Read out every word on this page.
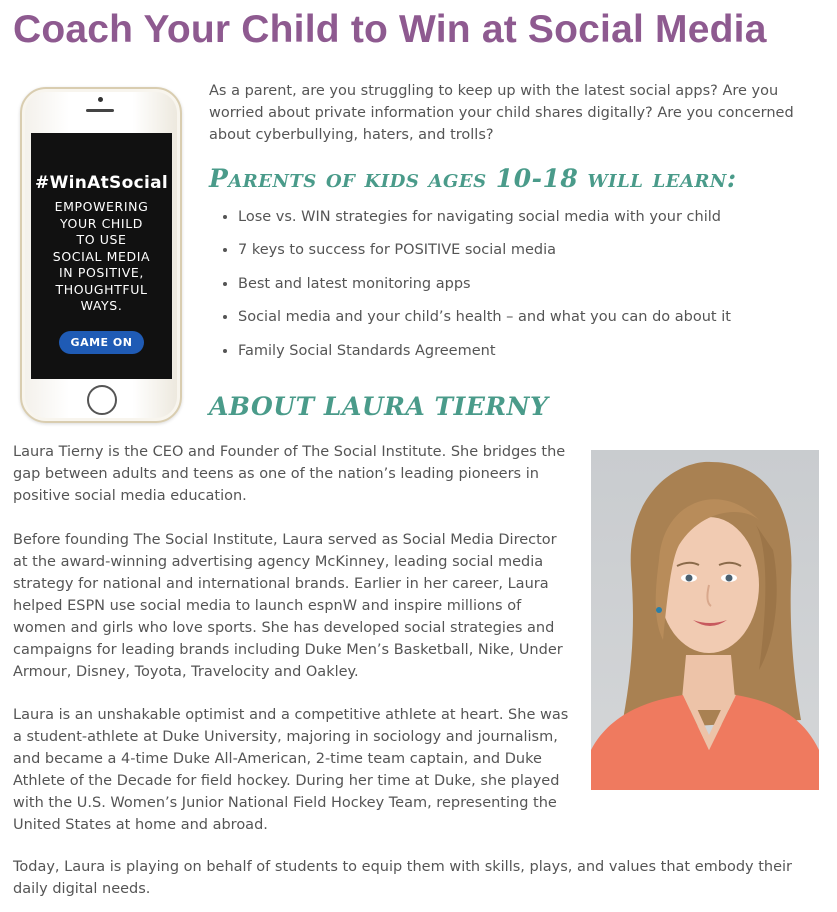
Coach Your Child to Win at Social Media
#WinAtSocial
EMPOWERING
YOUR CHILD
TO USE
SOCIAL MEDIA
IN POSITIVE,
THOUGHTFUL
WAYS.
GAME ON

As a parent, are you struggling to keep up with the latest social apps? Are you worried about private information your child shares digitally? Are you concerned about cyberbullying, haters, and trolls?

Parents of kids ages 10-18 will learn:
• Lose vs. WIN strategies for navigating social media with your child
• 7 keys to success for POSITIVE social media
• Best and latest monitoring apps
• Social media and your child’s health – and what you can do about it
• Family Social Standards Agreement
ABOUT LAURA TIERNY

Laura Tierny is the CEO and Founder of The Social Institute. She bridges the gap between adults and teens as one of the nation’s leading pioneers in positive social media education.

Before founding The Social Institute, Laura served as Social Media Director at the award-winning advertising agency McKinney, leading social media strategy for national and international brands. Earlier in her career, Laura helped ESPN use social media to launch espnW and inspire millions of women and girls who love sports. She has developed social strategies and campaigns for leading brands including Duke Men’s Basketball, Nike, Under Armour, Disney, Toyota, Travelocity and Oakley.

Laura is an unshakable optimist and a competitive athlete at heart. She was a student-athlete at Duke University, majoring in sociology and journalism, and became a 4-time Duke All-American, 2-time team captain, and Duke Athlete of the Decade for field hockey. During her time at Duke, she played with the U.S. Women’s Junior National Field Hockey Team, representing the United States at home and abroad.

Today, Laura is playing on behalf of students to equip them with skills, plays, and values that embody their daily digital needs.
